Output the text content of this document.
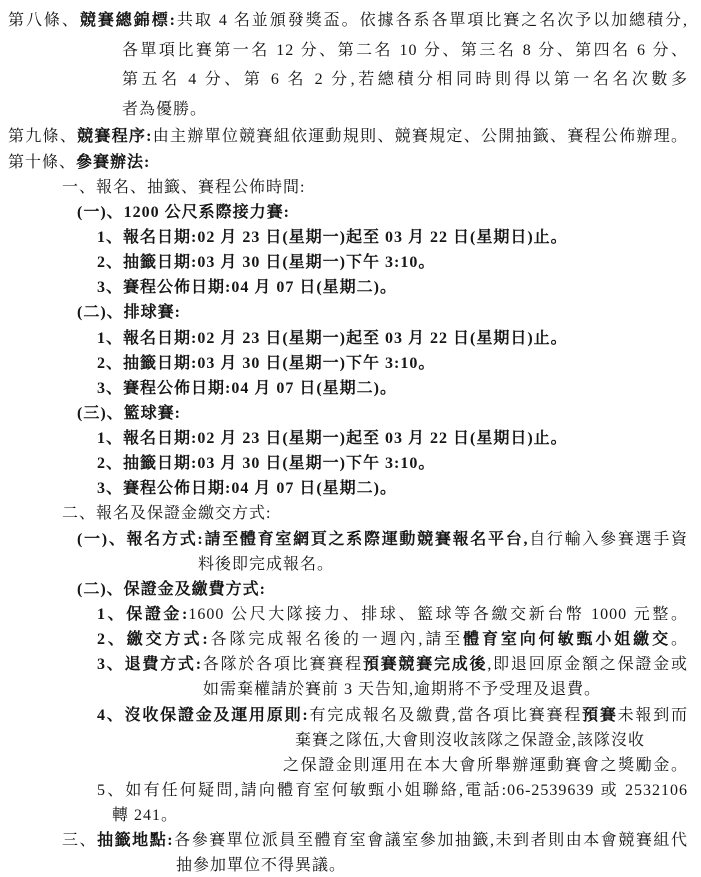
第八條、競賽總錦標:共取 4 名並頒發獎盃。依據各系各單項比賽之名次予以加總積分,
各單項比賽第一名 12 分、第二名 10 分、第三名 8 分、第四名 6 分、
第五名 4 分、第 6 名 2 分,若總積分相同時則得以第一名名次數多
者為優勝。
第九條、競賽程序:由主辦單位競賽組依運動規則、競賽規定、公開抽籤、賽程公佈辦理。
第十條、參賽辦法:
一、報名、抽籤、賽程公佈時間:
(一)、1200 公尺系際接力賽:
1、報名日期:02 月 23 日(星期一)起至 03 月 22 日(星期日)止。
2、抽籤日期:03 月 30 日(星期一)下午 3:10。
3、賽程公佈日期:04 月 07 日(星期二)。
(二)、排球賽:
1、報名日期:02 月 23 日(星期一)起至 03 月 22 日(星期日)止。
2、抽籤日期:03 月 30 日(星期一)下午 3:10。
3、賽程公佈日期:04 月 07 日(星期二)。
(三)、籃球賽:
1、報名日期:02 月 23 日(星期一)起至 03 月 22 日(星期日)止。
2、抽籤日期:03 月 30 日(星期一)下午 3:10。
3、賽程公佈日期:04 月 07 日(星期二)。
二、報名及保證金繳交方式:
(一)、報名方式:請至體育室網頁之系際運動競賽報名平台,自行輸入參賽選手資
料後即完成報名。
(二)、保證金及繳費方式:
1、保證金:1600 公尺大隊接力、排球、籃球等各繳交新台幣 1000 元整。
2、繳交方式:各隊完成報名後的一週內,請至體育室向何敏甄小姐繳交。
3、退費方式:各隊於各項比賽賽程預賽競賽完成後,即退回原金額之保證金或
如需棄權請於賽前 3 天告知,逾期將不予受理及退費。
4、沒收保證金及運用原則:有完成報名及繳費,當各項比賽賽程預賽未報到而
棄賽之隊伍,大會則沒收該隊之保證金,該隊沒收
之保證金則運用在本大會所舉辦運動賽會之獎勵金。
5、如有任何疑問,請向體育室何敏甄小姐聯絡,電話:06-2539639 或 2532106
轉 241。
三、抽籤地點:各參賽單位派員至體育室會議室參加抽籤,未到者則由本會競賽組代
抽參加單位不得異議。
